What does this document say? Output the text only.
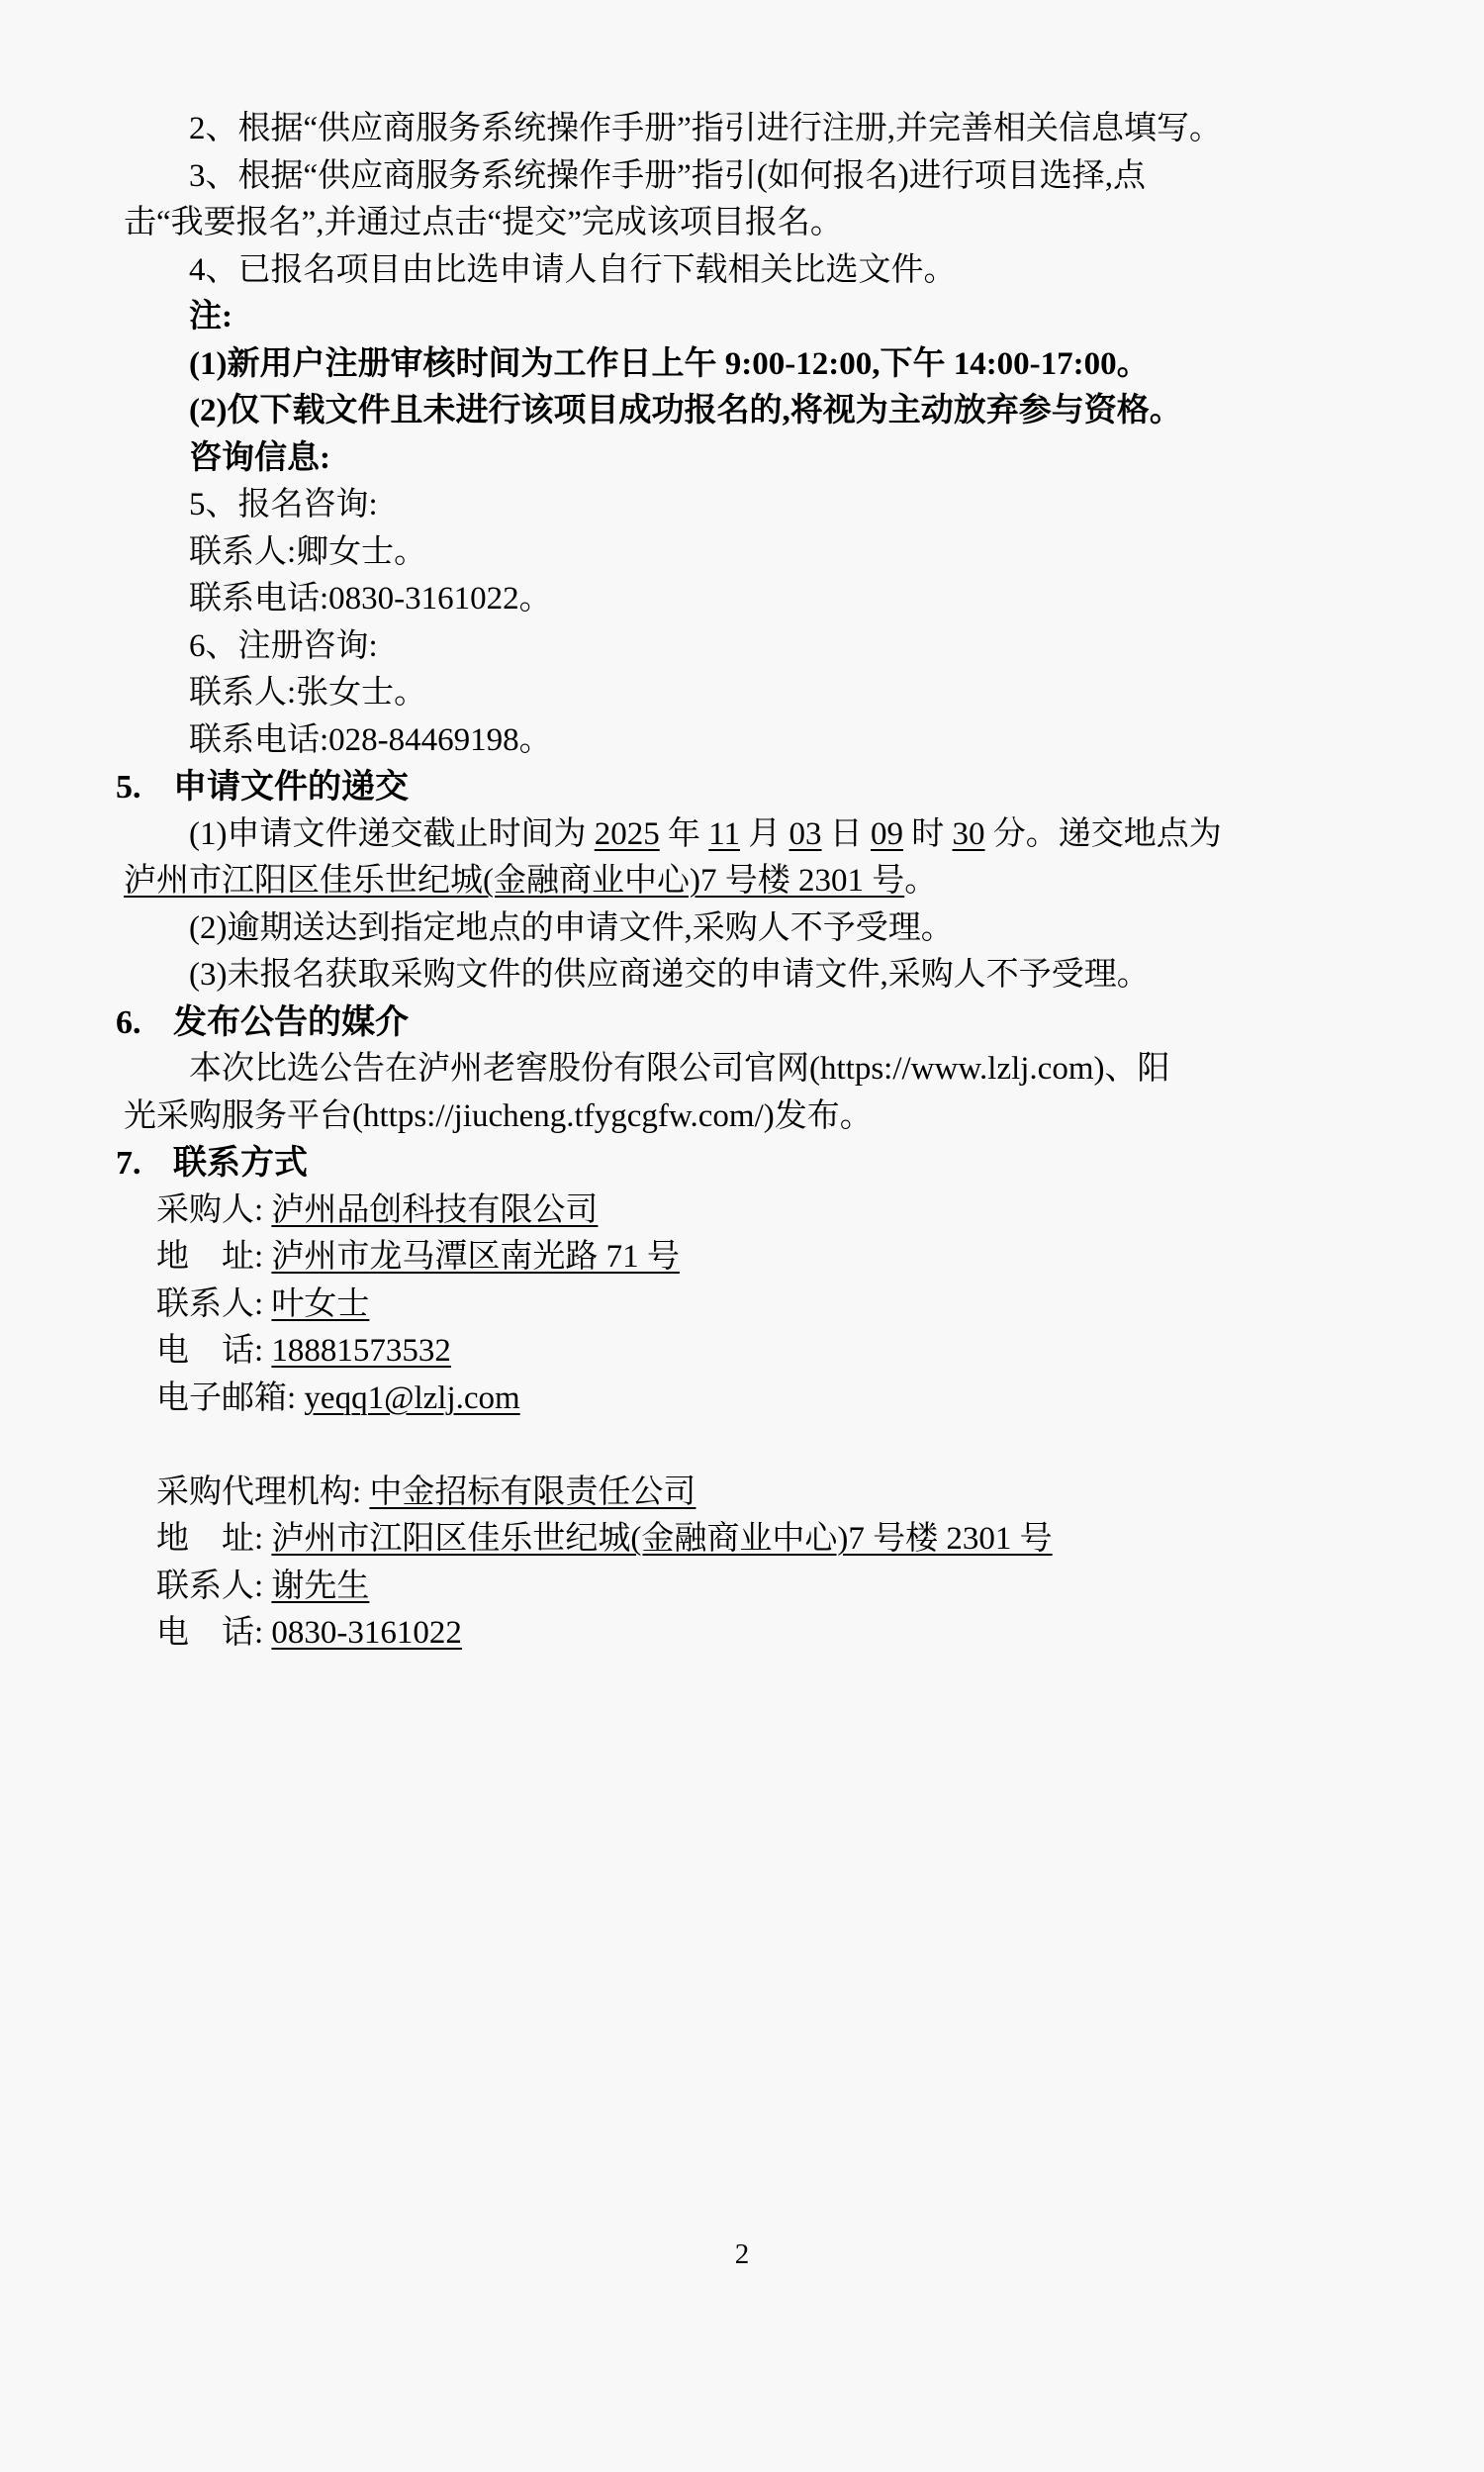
2、根据“供应商服务系统操作手册”指引进行注册,并完善相关信息填写。
3、根据“供应商服务系统操作手册”指引(如何报名)进行项目选择,点
击“我要报名”,并通过点击“提交”完成该项目报名。
4、已报名项目由比选申请人自行下载相关比选文件。
注:
(1)新用户注册审核时间为工作日上午 9:00-12:00,下午 14:00-17:00。
(2)仅下载文件且未进行该项目成功报名的,将视为主动放弃参与资格。
咨询信息:
5、报名咨询:
联系人:卿女士。
联系电话:0830-3161022。
6、注册咨询:
联系人:张女士。
联系电话:028-84469198。
5. 申请文件的递交
(1)申请文件递交截止时间为 2025 年 11 月 03 日 09 时 30 分。递交地点为
泸州市江阳区佳乐世纪城(金融商业中心)7 号楼 2301 号。
(2)逾期送达到指定地点的申请文件,采购人不予受理。
(3)未报名获取采购文件的供应商递交的申请文件,采购人不予受理。
6. 发布公告的媒介
本次比选公告在泸州老窖股份有限公司官网(https://www.lzlj.com)、阳
光采购服务平台(https://jiucheng.tfygcgfw.com/)发布。
7. 联系方式
采购人: 泸州品创科技有限公司
地址: 泸州市龙马潭区南光路 71 号
联系人: 叶女士
电话: 18881573532
电子邮箱: yeqq1@lzlj.com
采购代理机构: 中金招标有限责任公司
地址: 泸州市江阳区佳乐世纪城(金融商业中心)7 号楼 2301 号
联系人: 谢先生
电话: 0830-3161022
2
